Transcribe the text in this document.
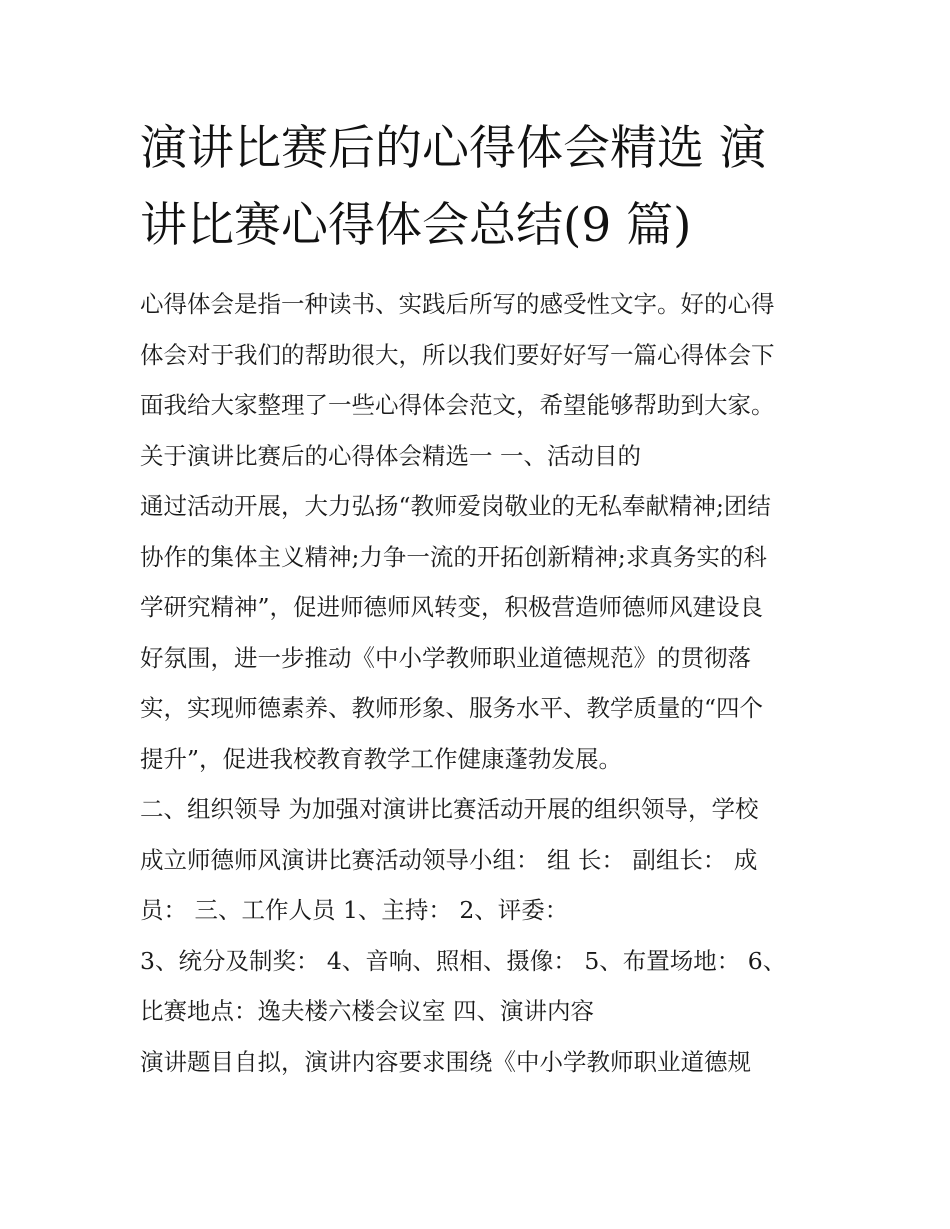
演讲比赛后的心得体会精选 演
讲比赛心得体会总结(9 篇)
心得体会是指一种读书、实践后所写的感受性文字。好的心得
体会对于我们的帮助很大，所以我们要好好写一篇心得体会下
面我给大家整理了一些心得体会范文，希望能够帮助到大家。
关于演讲比赛后的心得体会精选一 一、活动目的
通过活动开展，大力弘扬“教师爱岗敬业的无私奉献精神;团结
协作的集体主义精神;力争一流的开拓创新精神;求真务实的科
学研究精神”，促进师德师风转变，积极营造师德师风建设良
好氛围，进一步推动《中小学教师职业道德规范》的贯彻落
实，实现师德素养、教师形象、服务水平、教学质量的“四个
提升”，促进我校教育教学工作健康蓬勃发展。
二、组织领导 为加强对演讲比赛活动开展的组织领导，学校
成立师德师风演讲比赛活动领导小组： 组 长： 副组长： 成
员： 三、工作人员 1、主持： 2、评委：
3、统分及制奖： 4、音响、照相、摄像： 5、布置场地： 6、
比赛地点：逸夫楼六楼会议室 四、演讲内容
演讲题目自拟，演讲内容要求围绕《中小学教师职业道德规
